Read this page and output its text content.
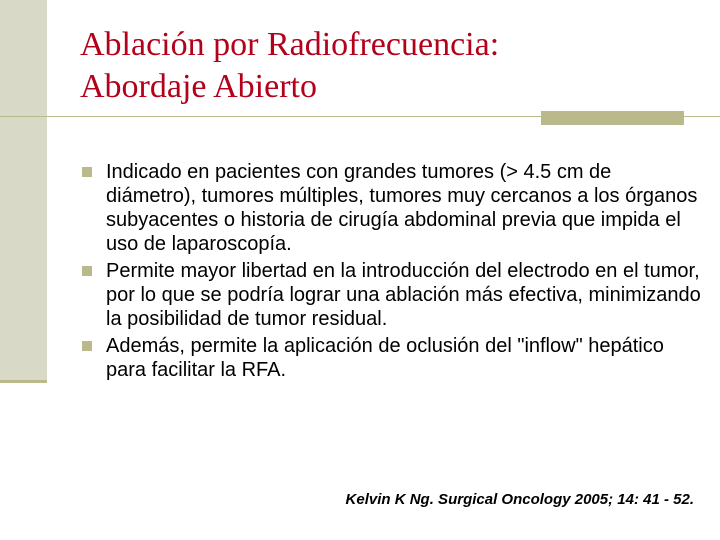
Ablación por Radiofrecuencia:
Abordaje Abierto
Indicado en pacientes con grandes tumores (> 4.5 cm de diámetro), tumores múltiples, tumores muy cercanos a los órganos subyacentes o historia de cirugía abdominal previa que impida el uso de laparoscopía.
Permite mayor libertad en la introducción del electrodo en el tumor, por lo que se podría lograr una ablación más efectiva, minimizando la posibilidad de tumor residual.
Además, permite la aplicación de oclusión del "inflow" hepático para facilitar la RFA.
Kelvin K Ng. Surgical Oncology 2005; 14: 41 - 52.
